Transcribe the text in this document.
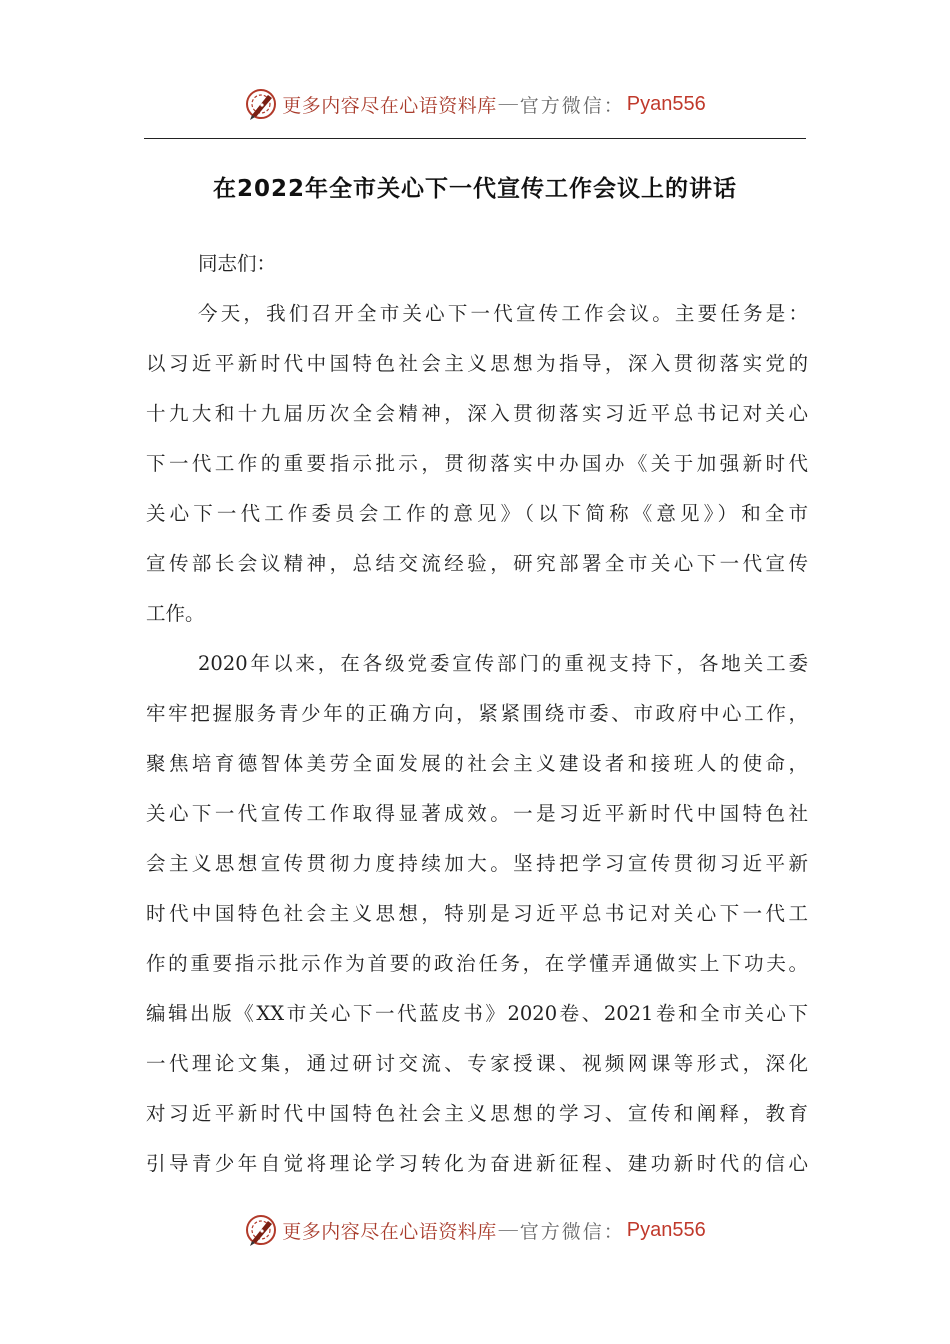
更多内容尽在心语资料库 — 官方微信： Pyan556
在2022年全市关心下一代宣传工作会议上的讲话
同志们：
今天，我们召开全市关心下一代宣传工作会议。主要任务是：
以习近平新时代中国特色社会主义思想为指导，深入贯彻落实党的
十九大和十九届历次全会精神，深入贯彻落实习近平总书记对关心
下一代工作的重要指示批示，贯彻落实中办国办《关于加强新时代
关心下一代工作委员会工作的意见》（以下简称《意见》）和全市
宣传部长会议精神，总结交流经验，研究部署全市关心下一代宣传
工作。
2020年以来，在各级党委宣传部门的重视支持下，各地关工委
牢牢把握服务青少年的正确方向，紧紧围绕市委、市政府中心工作，
聚焦培育德智体美劳全面发展的社会主义建设者和接班人的使命，
关心下一代宣传工作取得显著成效。一是习近平新时代中国特色社
会主义思想宣传贯彻力度持续加大。坚持把学习宣传贯彻习近平新
时代中国特色社会主义思想，特别是习近平总书记对关心下一代工
作的重要指示批示作为首要的政治任务，在学懂弄通做实上下功夫。
编辑出版《XX市关心下一代蓝皮书》2020卷、2021卷和全市关心下
一代理论文集，通过研讨交流、专家授课、视频网课等形式，深化
对习近平新时代中国特色社会主义思想的学习、宣传和阐释，教育
引导青少年自觉将理论学习转化为奋进新征程、建功新时代的信心
更多内容尽在心语资料库 — 官方微信： Pyan556
